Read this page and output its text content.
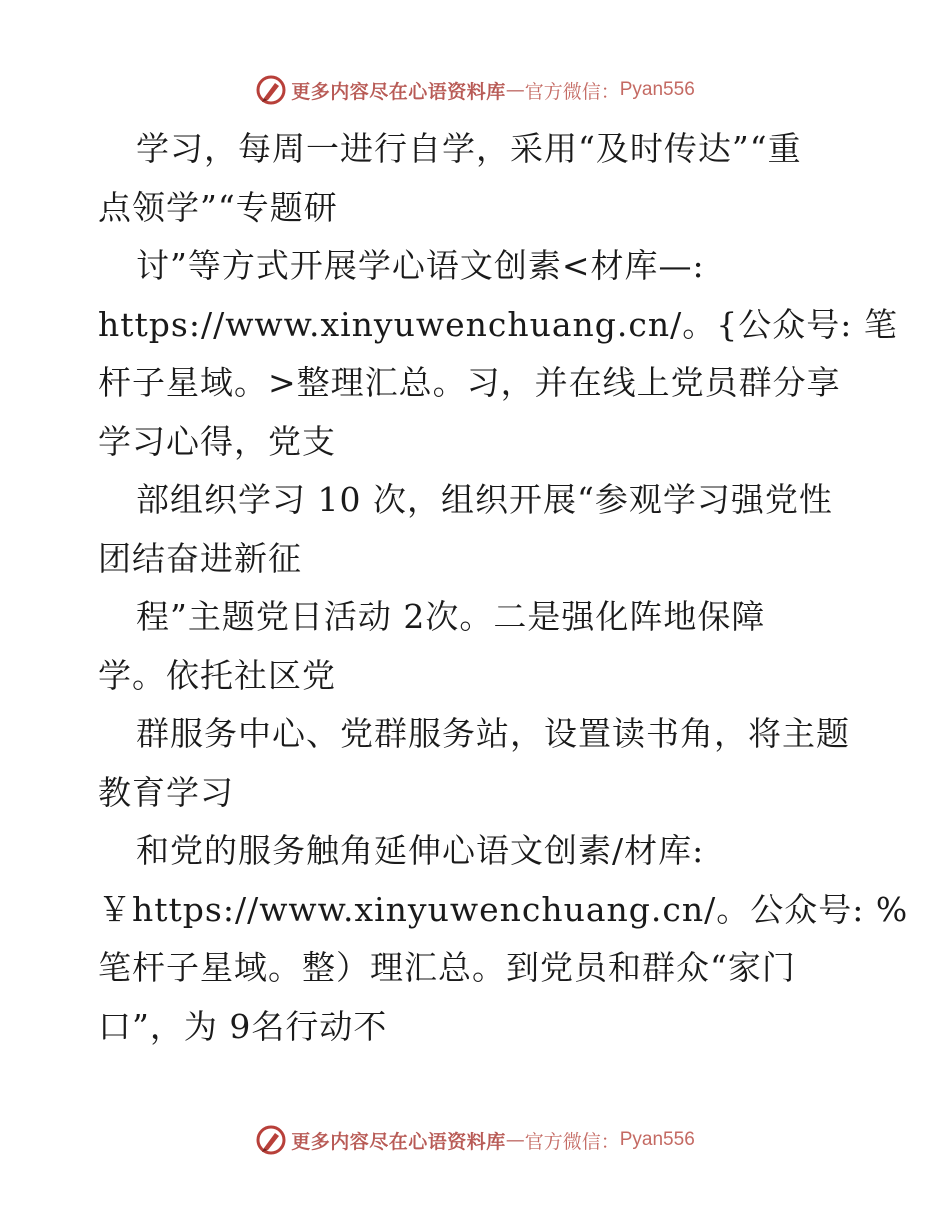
更多内容尽在心语资料库 — 官方微信： Pyan556
学习，每周一进行自学，采用“及时传达”“重
点领学”“专题研
讨”等方式开展学心语文创素<材库—:
https://www.xinyuwenchuang.cn/。{公众号: 笔
杆子星域。>整理汇总。习，并在线上党员群分享
学习心得，党支
部组织学习 10 次，组织开展“参观学习强党性
团结奋进新征
程”主题党日活动 2次。二是强化阵地保障
学。依托社区党
群服务中心、党群服务站，设置读书角，将主题
教育学习
和党的服务触角延伸心语文创素/材库:
￥https://www.xinyuwenchuang.cn/。公众号: %
笔杆子星域。整）理汇总。到党员和群众“家门
口”，为 9名行动不
更多内容尽在心语资料库 — 官方微信： Pyan556
